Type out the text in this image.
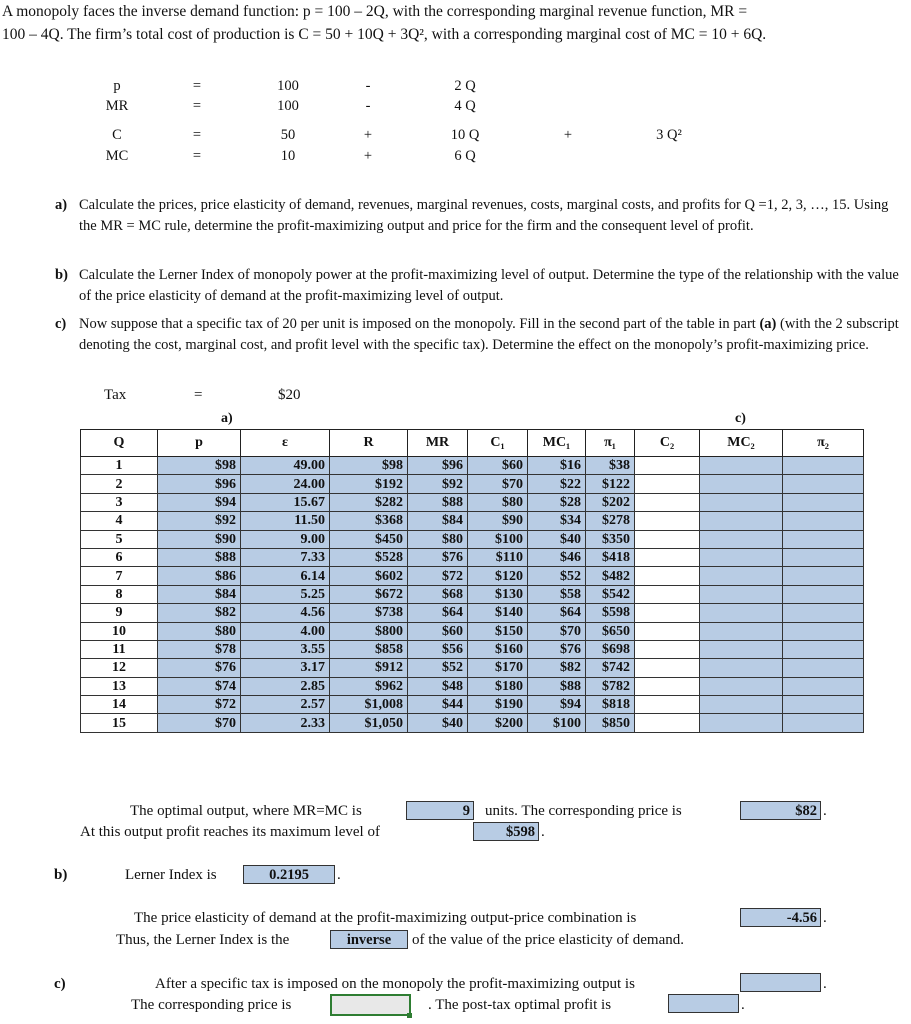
A monopoly faces the inverse demand function: p = 100 – 2Q, with the corresponding marginal revenue function, MR =
100 – 4Q. The firm’s total cost of production is C = 50 + 10Q + 3Q², with a corresponding marginal cost of MC = 10 + 6Q.
p	=	100	-	2 Q
MR	=	100	-	4 Q
C	=	50	+	10 Q	+	3 Q²
MC	=	10	+	6 Q
a) Calculate the prices, price elasticity of demand, revenues, marginal revenues, costs, marginal costs, and profits for Q =1, 2, 3, …, 15. Using the MR = MC rule, determine the profit-maximizing output and price for the firm and the consequent level of profit.
b) Calculate the Lerner Index of monopoly power at the profit-maximizing level of output. Determine the type of the relationship with the value of the price elasticity of demand at the profit-maximizing level of output.
c) Now suppose that a specific tax of 20 per unit is imposed on the monopoly. Fill in the second part of the table in part (a) (with the 2 subscript denoting the cost, marginal cost, and profit level with the specific tax). Determine the effect on the monopoly’s profit-maximizing price.
Tax	=	$20
a)	c)
Q	p	ε	R	MR	C₁	MC₁	π₁	C₂	MC₂	π₂
1	$98	49.00	$98	$96	$60	$16	$38			
2	$96	24.00	$192	$92	$70	$22	$122			
3	$94	15.67	$282	$88	$80	$28	$202			
4	$92	11.50	$368	$84	$90	$34	$278			
5	$90	9.00	$450	$80	$100	$40	$350			
6	$88	7.33	$528	$76	$110	$46	$418			
7	$86	6.14	$602	$72	$120	$52	$482			
8	$84	5.25	$672	$68	$130	$58	$542			
9	$82	4.56	$738	$64	$140	$64	$598			
10	$80	4.00	$800	$60	$150	$70	$650			
11	$78	3.55	$858	$56	$160	$76	$698			
12	$76	3.17	$912	$52	$170	$82	$742			
13	$74	2.85	$962	$48	$180	$88	$782			
14	$72	2.57	$1,008	$44	$190	$94	$818			
15	$70	2.33	$1,050	$40	$200	$100	$850			
The optimal output, where MR=MC is	9 units. The corresponding price is	$82 .
At this output profit reaches its maximum level of	$598 .
b)	Lerner Index is	0.2195	.
The price elasticity of demand at the profit-maximizing output-price combination is	-4.56 .
Thus, the Lerner Index is the	inverse	of the value of the price elasticity of demand.
c)	After a specific tax is imposed on the monopoly the profit-maximizing output is	.
The corresponding price is	. The post-tax optimal profit is	.
